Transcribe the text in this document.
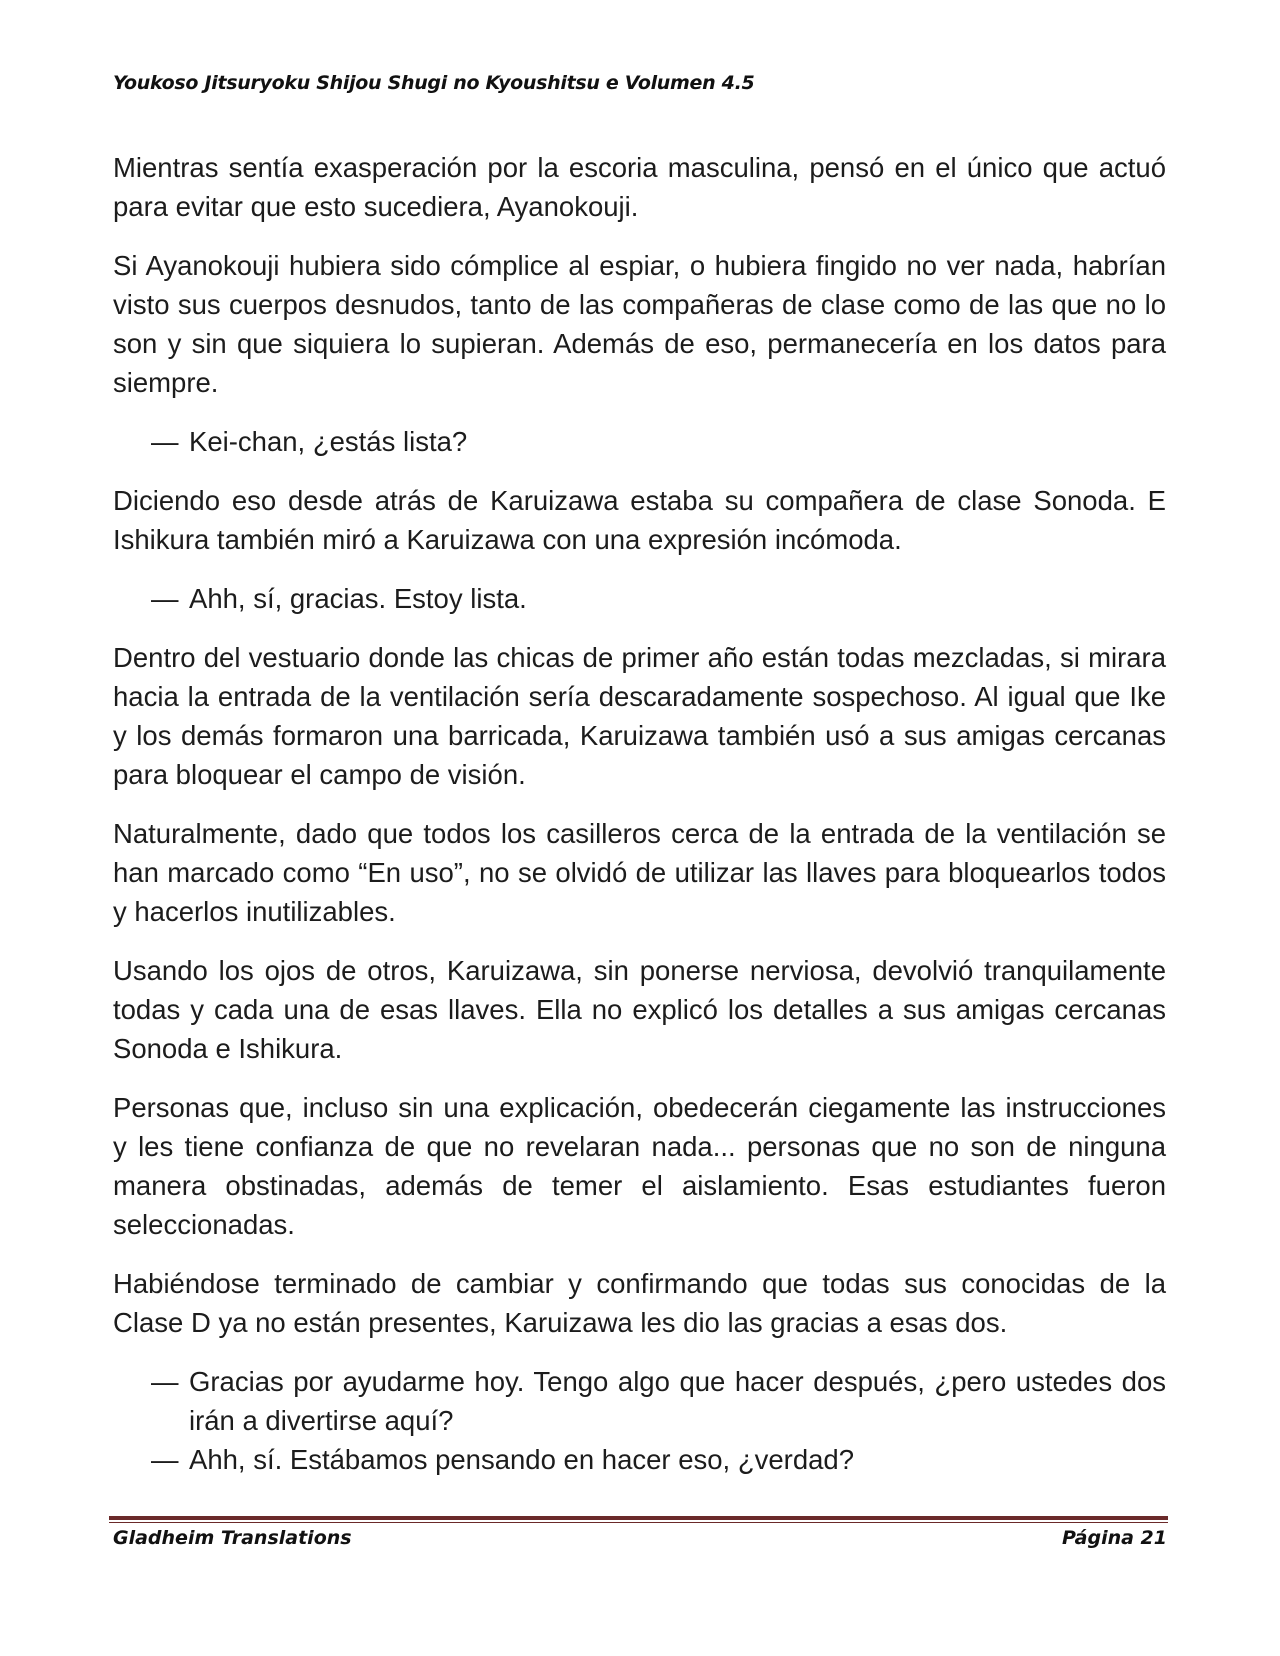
Youkoso Jitsuryoku Shijou Shugi no Kyoushitsu e Volumen 4.5

Mientras sentía exasperación por la escoria masculina, pensó en el único que actuó para evitar que esto sucediera, Ayanokouji.

Si Ayanokouji hubiera sido cómplice al espiar, o hubiera fingido no ver nada, habrían visto sus cuerpos desnudos, tanto de las compañeras de clase como de las que no lo son y sin que siquiera lo supieran. Además de eso, permanecería en los datos para siempre.

— Kei-chan, ¿estás lista?

Diciendo eso desde atrás de Karuizawa estaba su compañera de clase Sonoda. E Ishikura también miró a Karuizawa con una expresión incómoda.

— Ahh, sí, gracias. Estoy lista.

Dentro del vestuario donde las chicas de primer año están todas mezcladas, si mirara hacia la entrada de la ventilación sería descaradamente sospechoso. Al igual que Ike y los demás formaron una barricada, Karuizawa también usó a sus amigas cercanas para bloquear el campo de visión.

Naturalmente, dado que todos los casilleros cerca de la entrada de la ventilación se han marcado como “En uso”, no se olvidó de utilizar las llaves para bloquearlos todos y hacerlos inutilizables.

Usando los ojos de otros, Karuizawa, sin ponerse nerviosa, devolvió tranquilamente todas y cada una de esas llaves. Ella no explicó los detalles a sus amigas cercanas Sonoda e Ishikura.

Personas que, incluso sin una explicación, obedecerán ciegamente las instrucciones y les tiene confianza de que no revelaran nada... personas que no son de ninguna manera obstinadas, además de temer el aislamiento. Esas estudiantes fueron seleccionadas.

Habiéndose terminado de cambiar y confirmando que todas sus conocidas de la Clase D ya no están presentes, Karuizawa les dio las gracias a esas dos.

— Gracias por ayudarme hoy. Tengo algo que hacer después, ¿pero ustedes dos irán a divertirse aquí?
— Ahh, sí. Estábamos pensando en hacer eso, ¿verdad?
Gladheim Translations	Página 21
